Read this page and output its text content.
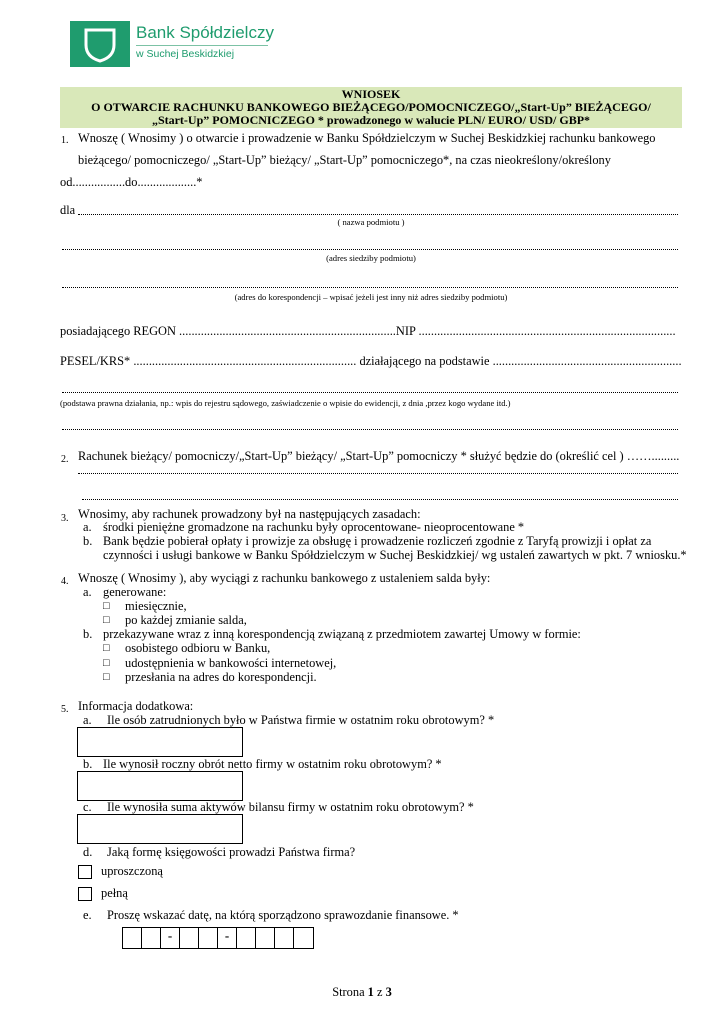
Bank Spółdzielczy
w Suchej Beskidzkiej
WNIOSEK
O OTWARCIE RACHUNKU BANKOWEGO BIEŻĄCEGO/POMOCNICZEGO/„Start-Up” BIEŻĄCEGO/
„Start-Up” POMOCNICZEGO * prowadzonego w walucie PLN/ EURO/ USD/ GBP*
1. Wnoszę ( Wnosimy ) o otwarcie i prowadzenie w Banku Spółdzielczym w Suchej Beskidzkiej rachunku bankowego
bieżącego/ pomocniczego/ „Start-Up” bieżący/ „Start-Up” pomocniczego*, na czas nieokreślony/określony
od.................do...................*
dla
( nazwa podmiotu )
(adres siedziby podmiotu)
(adres do korespondencji – wpisać jeżeli jest inny niż adres siedziby podmiotu)
posiadającego REGON ......................................................................NIP ...................................................................................
PESEL/KRS* ........................................................................ działającego na podstawie .............................................................
(podstawa prawna działania, np.: wpis do rejestru sądowego, zaświadczenie o wpisie do ewidencji, z dnia ,przez kogo wydane itd.)
2. Rachunek bieżący/ pomocniczy/„Start-Up” bieżący/ „Start-Up” pomocniczy * służyć będzie do (określić cel ) …….........
3. Wnosimy, aby rachunek prowadzony był na następujących zasadach:
a. środki pieniężne gromadzone na rachunku były oprocentowane- nieoprocentowane *
b. Bank będzie pobierał opłaty i prowizje za obsługę i prowadzenie rozliczeń zgodnie z Taryfą prowizji i opłat za
czynności i usługi bankowe w Banku Spółdzielczym w Suchej Beskidzkiej/ wg ustaleń zawartych w pkt. 7 wniosku.*
4. Wnoszę ( Wnosimy ), aby wyciągi z rachunku bankowego z ustaleniem salda były:
a. generowane:
□ miesięcznie,
□ po każdej zmianie salda,
b. przekazywane wraz z inną korespondencją związaną z przedmiotem zawartej Umowy w formie:
□ osobistego odbioru w Banku,
□ udostępnienia w bankowości internetowej,
□ przesłania na adres do korespondencji.
5. Informacja dodatkowa:
a. Ile osób zatrudnionych było w Państwa firmie w ostatnim roku obrotowym? *
b. Ile wynosił roczny obrót netto firmy w ostatnim roku obrotowym? *
c. Ile wynosiła suma aktywów bilansu firmy w ostatnim roku obrotowym? *
d. Jaką formę księgowości prowadzi Państwa firma?
uproszczoną
pełną
e. Proszę wskazać datę, na którą sporządzono sprawozdanie finansowe. *
-	-
Strona 1 z 3
